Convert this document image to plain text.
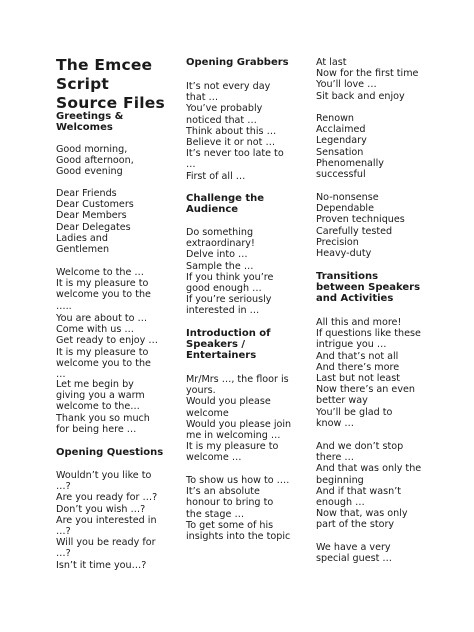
The Emcee
Script
Source Files
Greetings &
Welcomes
Good morning,
Good afternoon,
Good evening
Dear Friends
Dear Customers
Dear Members
Dear Delegates
Ladies and
Gentlemen
Welcome to the …
It is my pleasure to
welcome you to the
…..
You are about to …
Come with us …
Get ready to enjoy …
It is my pleasure to
welcome you to the
…
Let me begin by
giving you a warm
welcome to the…
Thank you so much
for being here …
Opening Questions
Wouldn’t you like to
…?
Are you ready for …?
Don’t you wish …?
Are you interested in
…?
Will you be ready for
…?
Isn’t it time you…?
Opening Grabbers
It’s not every day
that …
You’ve probably
noticed that …
Think about this …
Believe it or not …
It’s never too late to
…
First of all …
Challenge the
Audience
Do something
extraordinary!
Delve into …
Sample the …
If you think you’re
good enough …
If you’re seriously
interested in …
Introduction of
Speakers /
Entertainers
Mr/Mrs …, the floor is
yours.
Would you please
welcome
Would you please join
me in welcoming …
It is my pleasure to
welcome …
To show us how to ….
It’s an absolute
honour to bring to
the stage …
To get some of his
insights into the topic
At last
Now for the first time
You’ll love …
Sit back and enjoy
Renown
Acclaimed
Legendary
Sensation
Phenomenally
successful
No-nonsense
Dependable
Proven techniques
Carefully tested
Precision
Heavy-duty
Transitions
between Speakers
and Activities
All this and more!
If questions like these
intrigue you …
And that’s not all
And there’s more
Last but not least
Now there’s an even
better way
You’ll be glad to
know …
And we don’t stop
there …
And that was only the
beginning
And if that wasn’t
enough …
Now that, was only
part of the story
We have a very
special guest …
